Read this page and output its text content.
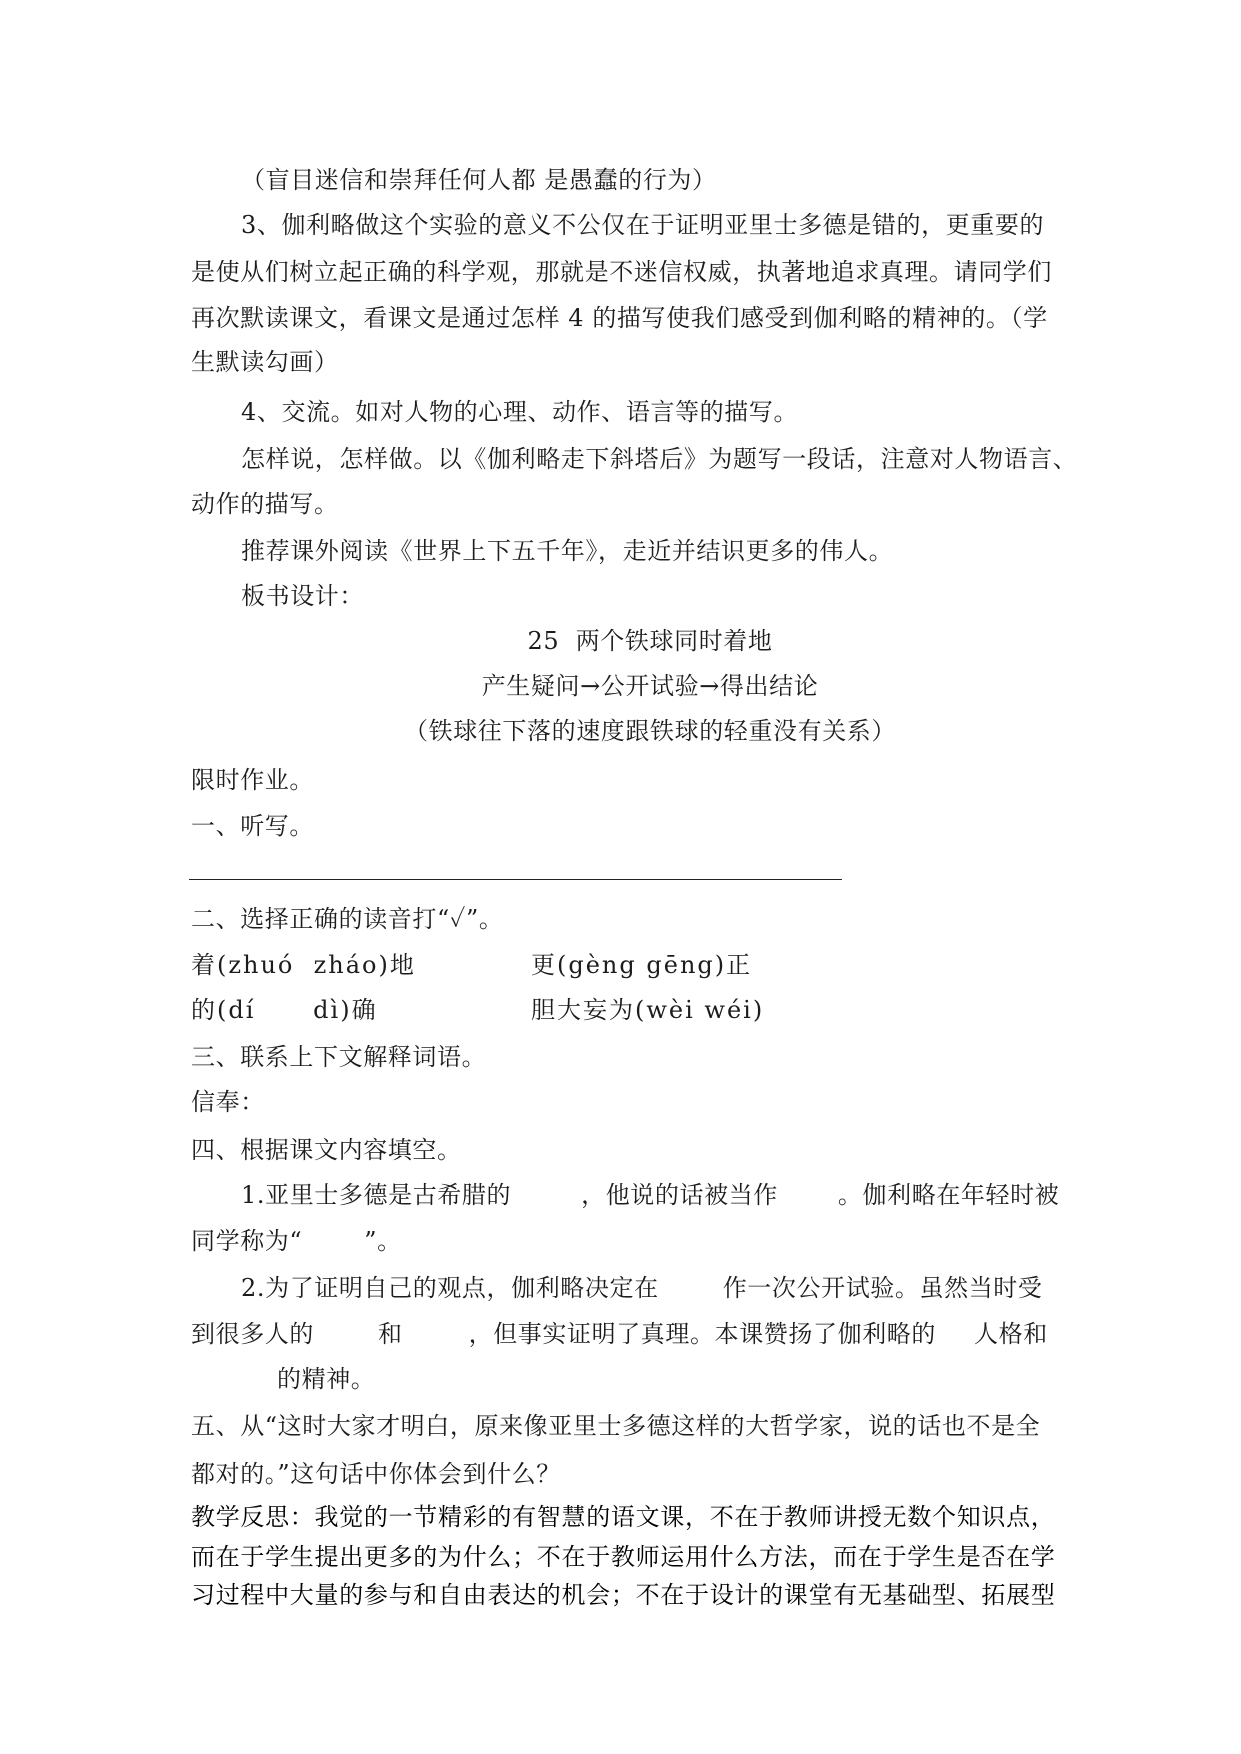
（盲目迷信和崇拜任何人都 是愚蠢的行为）
3、伽利略做这个实验的意义不公仅在于证明亚里士多德是错的，更重要的
是使从们树立起正确的科学观，那就是不迷信权威，执著地追求真理。请同学们
再次默读课文，看课文是通过怎样 4 的描写使我们感受到伽利略的精神的。（学
生默读勾画）
4、交流。如对人物的心理、动作、语言等的描写。
怎样说，怎样做。以《伽利略走下斜塔后》为题写一段话，注意对人物语言、
动作的描写。
推荐课外阅读《世界上下五千年》，走近并结识更多的伟人。
板书设计：
25  两个铁球同时着地
产生疑问→公开试验→得出结论
（铁球往下落的速度跟铁球的轻重没有关系）
限时作业。
一、听写。
二、选择正确的读音打“✓”。
着(zhuó  zháo)地	更(gèng gēng)正
的(dí      dì)确	胆大妄为(wèi wéi)
三、联系上下文解释词语。
信奉：
四、根据课文内容填空。
1.亚里士多德是古希腊的	，他说的话被当作	。伽利略在年轻时被
同学称为“	”。
2.为了证明自己的观点，伽利略决定在	作一次公开试验。虽然当时受
到很多人的	和	，但事实证明了真理。本课赞扬了伽利略的 人格和
的精神。
五、从“这时大家才明白，原来像亚里士多德这样的大哲学家，说的话也不是全
都对的。”这句话中你体会到什么？
教学反思：我觉的一节精彩的有智慧的语文课，不在于教师讲授无数个知识点，
而在于学生提出更多的为什么；不在于教师运用什么方法，而在于学生是否在学
习过程中大量的参与和自由表达的机会；不在于设计的课堂有无基础型、拓展型
